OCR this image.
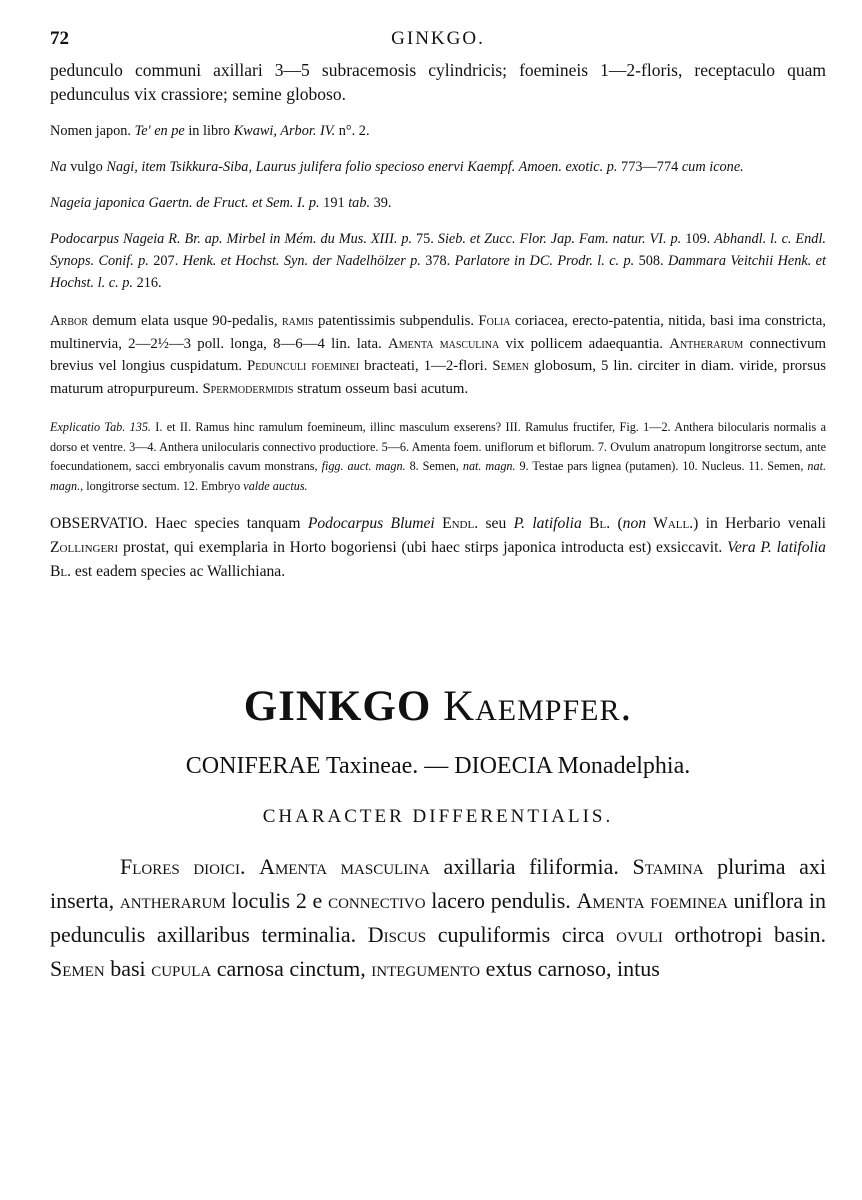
72	GINKGO.

pedunculo communi axillari 3—5 subracemosis cylindricis; foemineis 1—2-floris, receptaculo quam pedunculus vix crassiore; semine globoso.

Nomen japon. Te' en pe in libro Kwawi, Arbor. IV. n°. 2.

Na vulgo Nagi, item Tsikkura-Siba, Laurus julifera folio specioso enervi Kaempf. Amoen. exotic. p. 773—774 cum icone.

Nageia japonica Gaertn. de Fruct. et Sem. I. p. 191 tab. 39.

Podocarpus Nageia R. Br. ap. Mirbel in Mém. du Mus. XIII. p. 75. Sieb. et Zucc. Flor. Jap. Fam. natur. VI. p. 109. Abhandl. l. c. Endl. Synops. Conif. p. 207. Henk. et Hochst. Syn. der Nadelhölzer p. 378. Parlatore in DC. Prodr. l. c. p. 508. Dammara Veitchii Henk. et Hochst. l. c. p. 216.

Arbor demum elata usque 90-pedalis, ramis patentissimis subpendulis. Folia coriacea, erecto-patentia, nitida, basi ima constricta, multinervia, 2—2½—3 poll. longa, 8—6—4 lin. lata. Amenta masculina vix pollicem adaequantia. Antherarum connectivum brevius vel longius cuspidatum. Pedunculi foeminei bracteati, 1—2-flori. Semen globosum, 5 lin. circiter in diam. viride, prorsus maturum atropurpureum. Spermodermidis stratum osseum basi acutum.

Explicatio Tab. 135. I. et II. Ramus hinc ramulum foemineum, illinc masculum exserens? III. Ramulus fructifer, Fig. 1—2. Anthera bilocularis normalis a dorso et ventre. 3—4. Anthera unilocularis connectivo productiore. 5—6. Amenta foem. uniflorum et biflorum. 7. Ovulum anatropum longitrorse sectum, ante foecundationem, sacci embryonalis cavum monstrans, figg. auct. magn. 8. Semen, nat. magn. 9. Testae pars lignea (putamen). 10. Nucleus. 11. Semen, nat. magn., longitrorse sectum. 12. Embryo valde auctus.

OBSERVATIO. Haec species tanquam Podocarpus Blumei Endl. seu P. latifolia Bl. (non Wall.) in Herbario venali Zollingeri prostat, qui exemplaria in Horto bogoriensi (ubi haec stirps japonica introducta est) exsiccavit. Vera P. latifolia Bl. est eadem species ac Wallichiana.

GINKGO Kaempfer.
CONIFERAE Taxineae. — DIOECIA Monadelphia.
CHARACTER DIFFERENTIALIS.

Flores dioici. Amenta masculina axillaria filiformia. Stamina plurima axi inserta, antherarum loculis 2 e connectivo lacero pendulis. Amenta foeminea uniflora in pedunculis axillaribus terminalia. Discus cupuliformis circa ovuli orthotropi basin. Semen basi cupula carnosa cinctum, integumento extus carnoso, intus
